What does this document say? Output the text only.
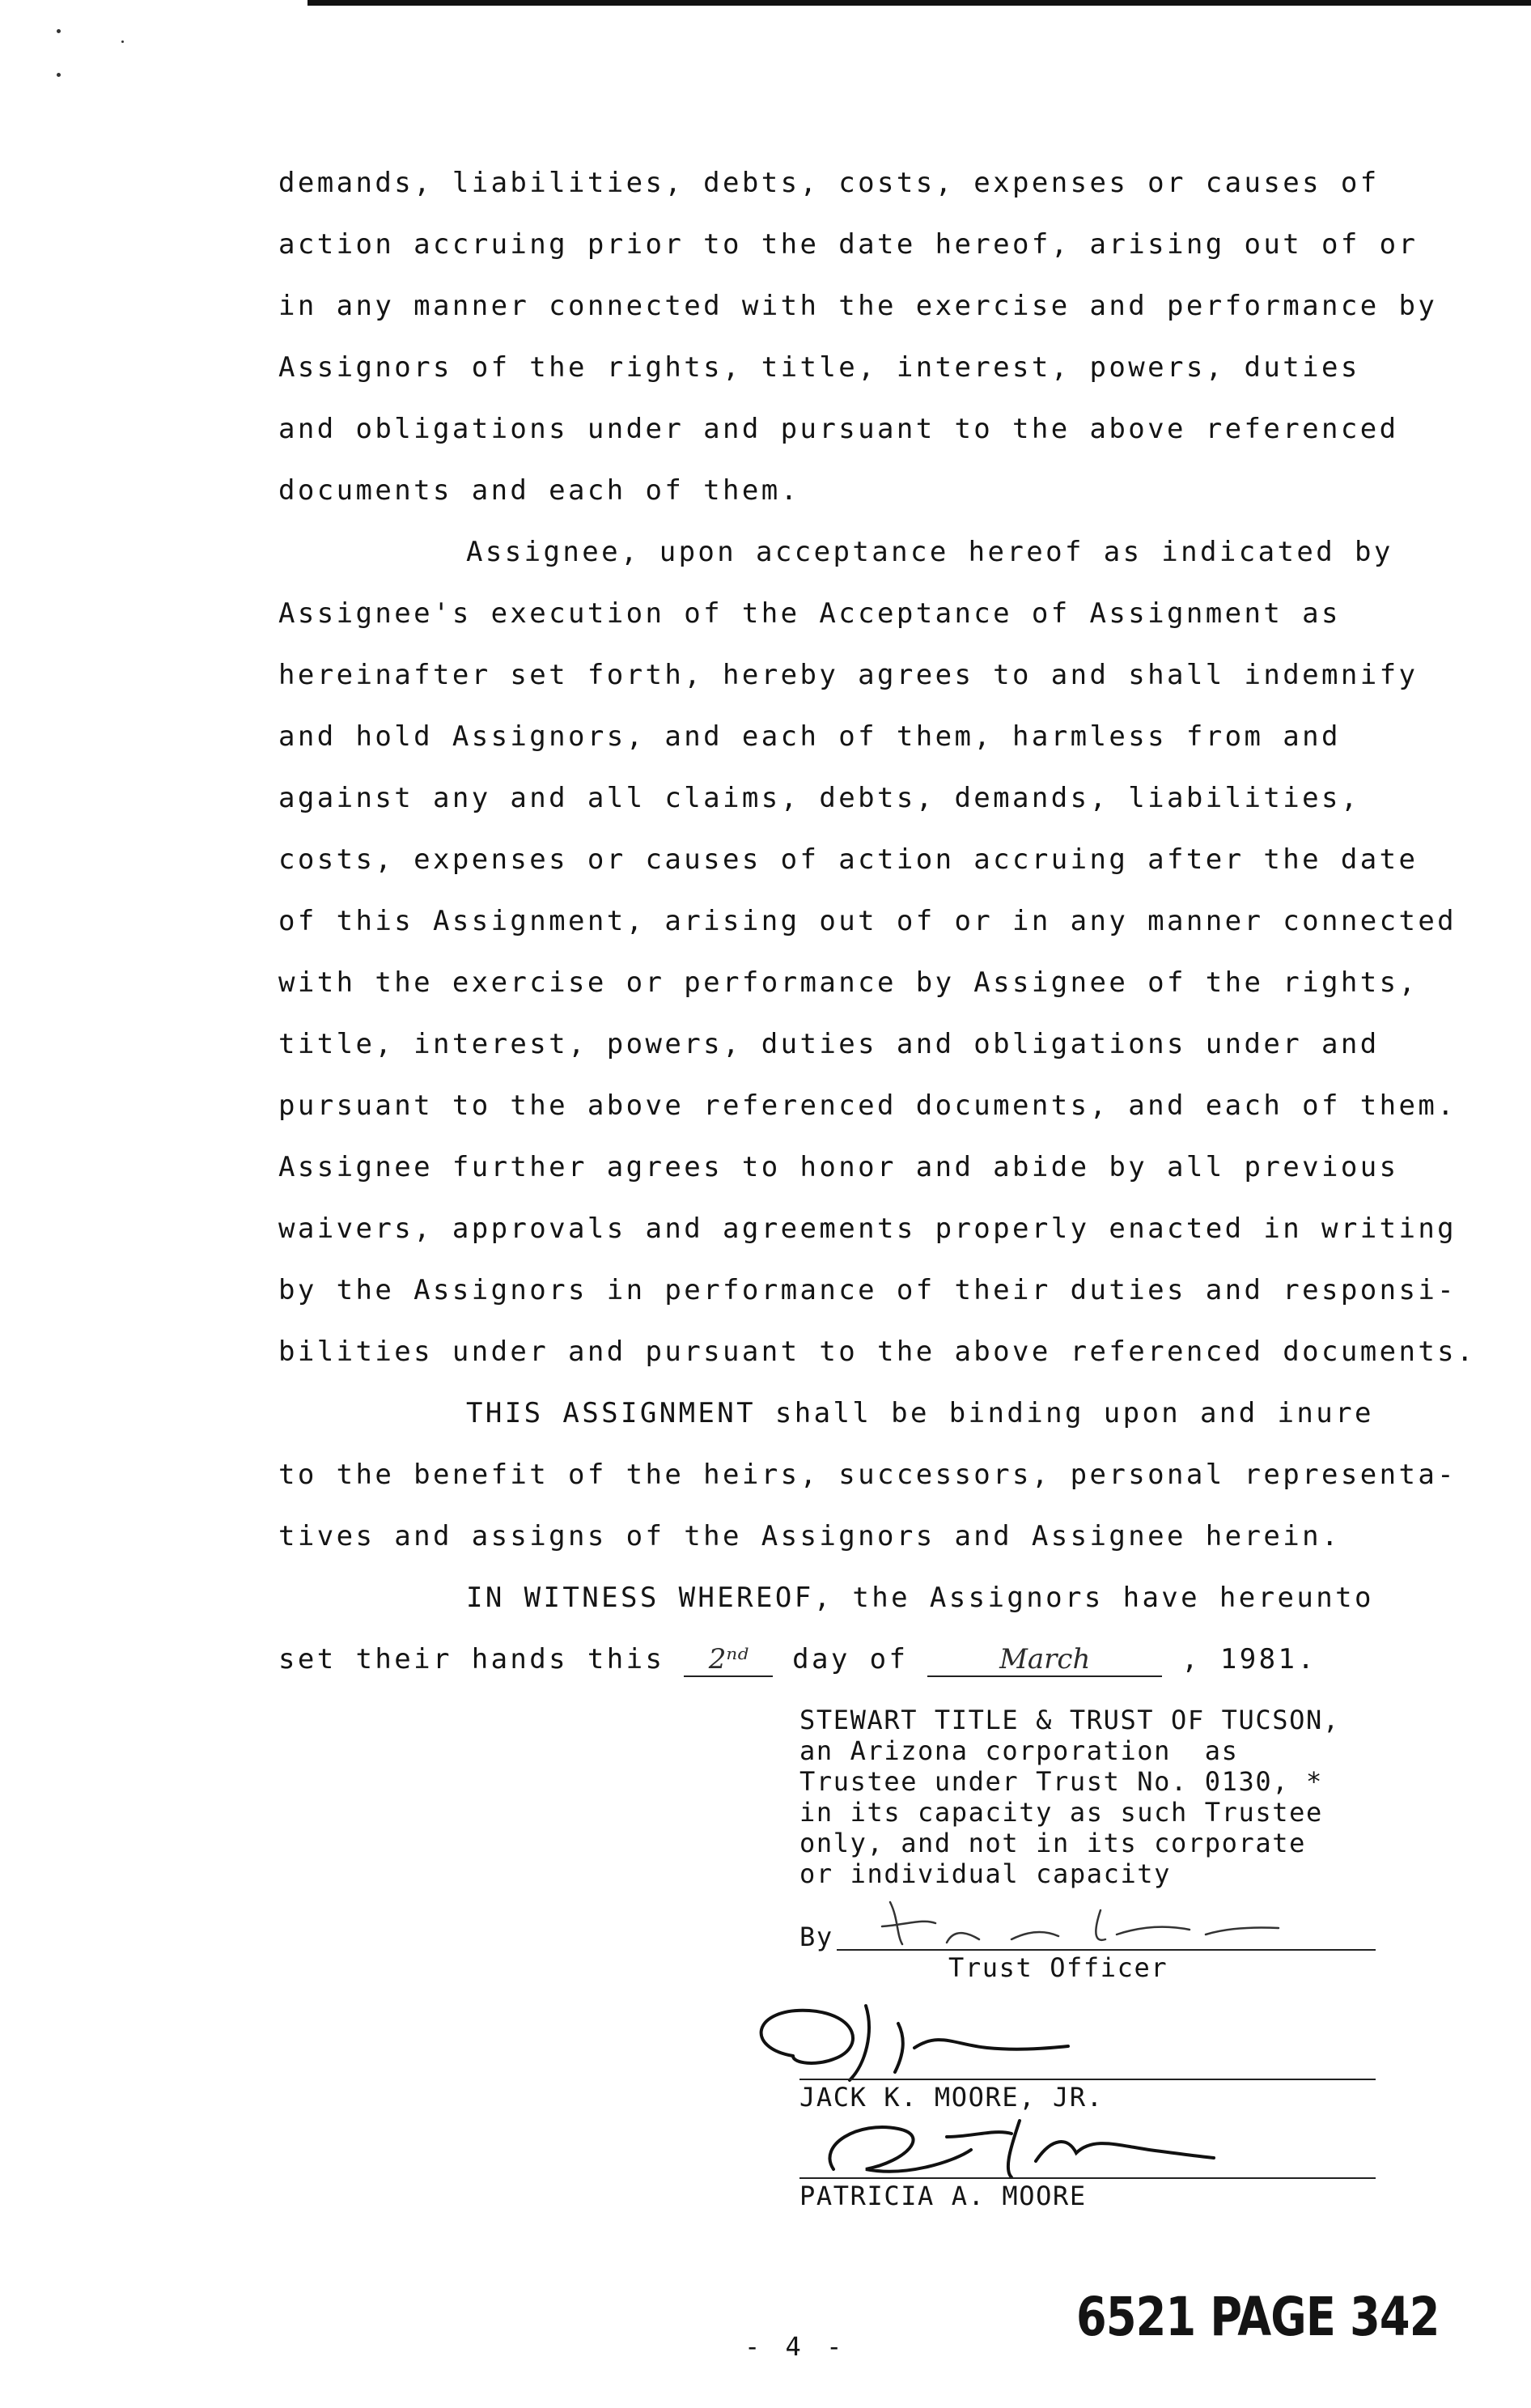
demands, liabilities, debts, costs, expenses or causes of
action accruing prior to the date hereof, arising out of or
in any manner connected with the exercise and performance by
Assignors of the rights, title, interest, powers, duties
and obligations under and pursuant to the above referenced
documents and each of them.
Assignee, upon acceptance hereof as indicated by
Assignee's execution of the Acceptance of Assignment as
hereinafter set forth, hereby agrees to and shall indemnify
and hold Assignors, and each of them, harmless from and
against any and all claims, debts, demands, liabilities,
costs, expenses or causes of action accruing after the date
of this Assignment, arising out of or in any manner connected
with the exercise or performance by Assignee of the rights,
title, interest, powers, duties and obligations under and
pursuant to the above referenced documents, and each of them.
Assignee further agrees to honor and abide by all previous
waivers, approvals and agreements properly enacted in writing
by the Assignors in performance of their duties and responsi-
bilities under and pursuant to the above referenced documents.
THIS ASSIGNMENT shall be binding upon and inure
to the benefit of the heirs, successors, personal representa-
tives and assigns of the Assignors and Assignee herein.
IN WITNESS WHEREOF, the Assignors have hereunto
set their hands this 2ⁿᵈ day of	March	, 1981.
STEWART TITLE & TRUST OF TUCSON,
an Arizona corporation  as
Trustee under Trust No. 0130, *
in its capacity as such Trustee
only, and not in its corporate
or individual capacity
By
Trust Officer
JACK K. MOORE, JR.
PATRICIA A. MOORE
6521 PAGE 342
- 4 -
